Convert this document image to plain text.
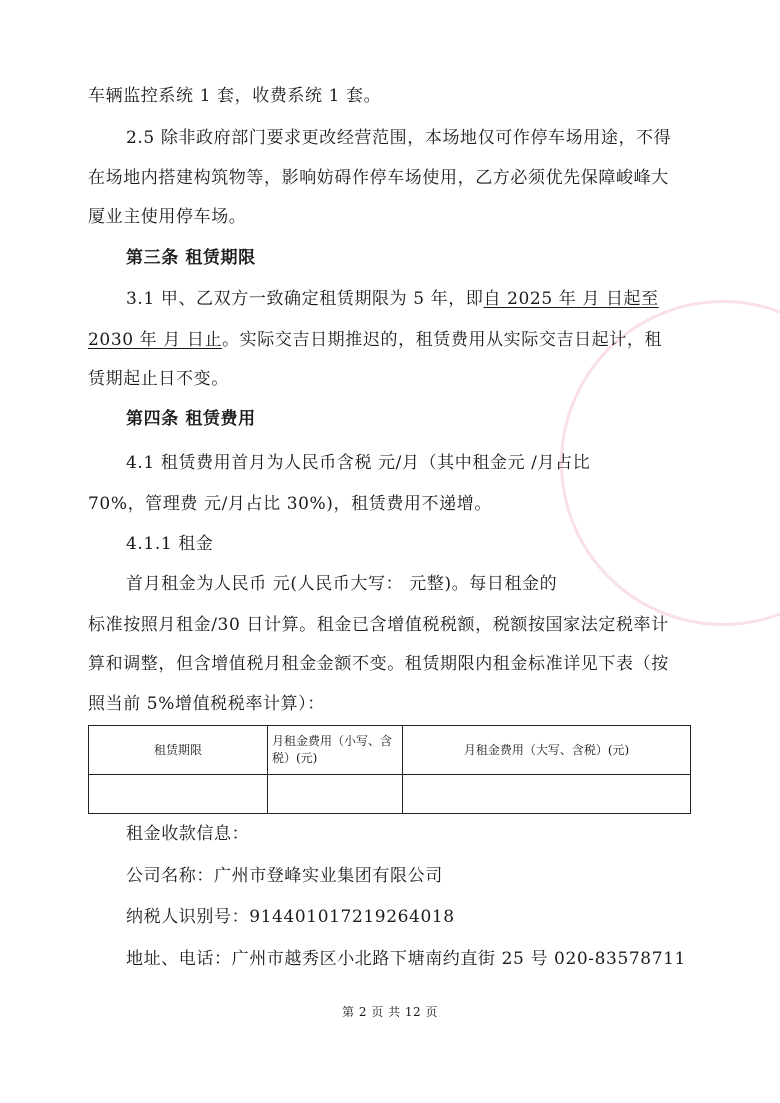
车辆监控系统 1 套，收费系统 1 套。
2.5 除非政府部门要求更改经营范围，本场地仅可作停车场用途，不得
在场地内搭建构筑物等，影响妨碍作停车场使用，乙方必须优先保障峻峰大
厦业主使用停车场。
第三条 租赁期限
3.1 甲、乙双方一致确定租赁期限为 5 年，即自 2025 年 月 日起至
2030 年 月 日止。实际交吉日期推迟的，租赁费用从实际交吉日起计，租
赁期起止日不变。
第四条 租赁费用
4.1 租赁费用首月为人民币含税 元/月（其中租金元 /月占比
70%，管理费 元/月占比 30%)，租赁费用不递增。
4.1.1 租金
首月租金为人民币 元(人民币大写： 元整)。每日租金的
标准按照月租金/30 日计算。租金已含增值税税额，税额按国家法定税率计
算和调整，但含增值税月租金金额不变。租赁期限内租金标准详见下表（按
照当前 5%增值税税率计算）：
租赁期限	月租金费用（小写、含税）(元)	月租金费用（大写、含税）(元)

租金收款信息：
公司名称：广州市登峰实业集团有限公司
纳税人识别号：91440101721926401​8
地址、电话：广州市越秀区小北路下塘南约直街 25 号 020-83578711
第 2 页 共 12 页
